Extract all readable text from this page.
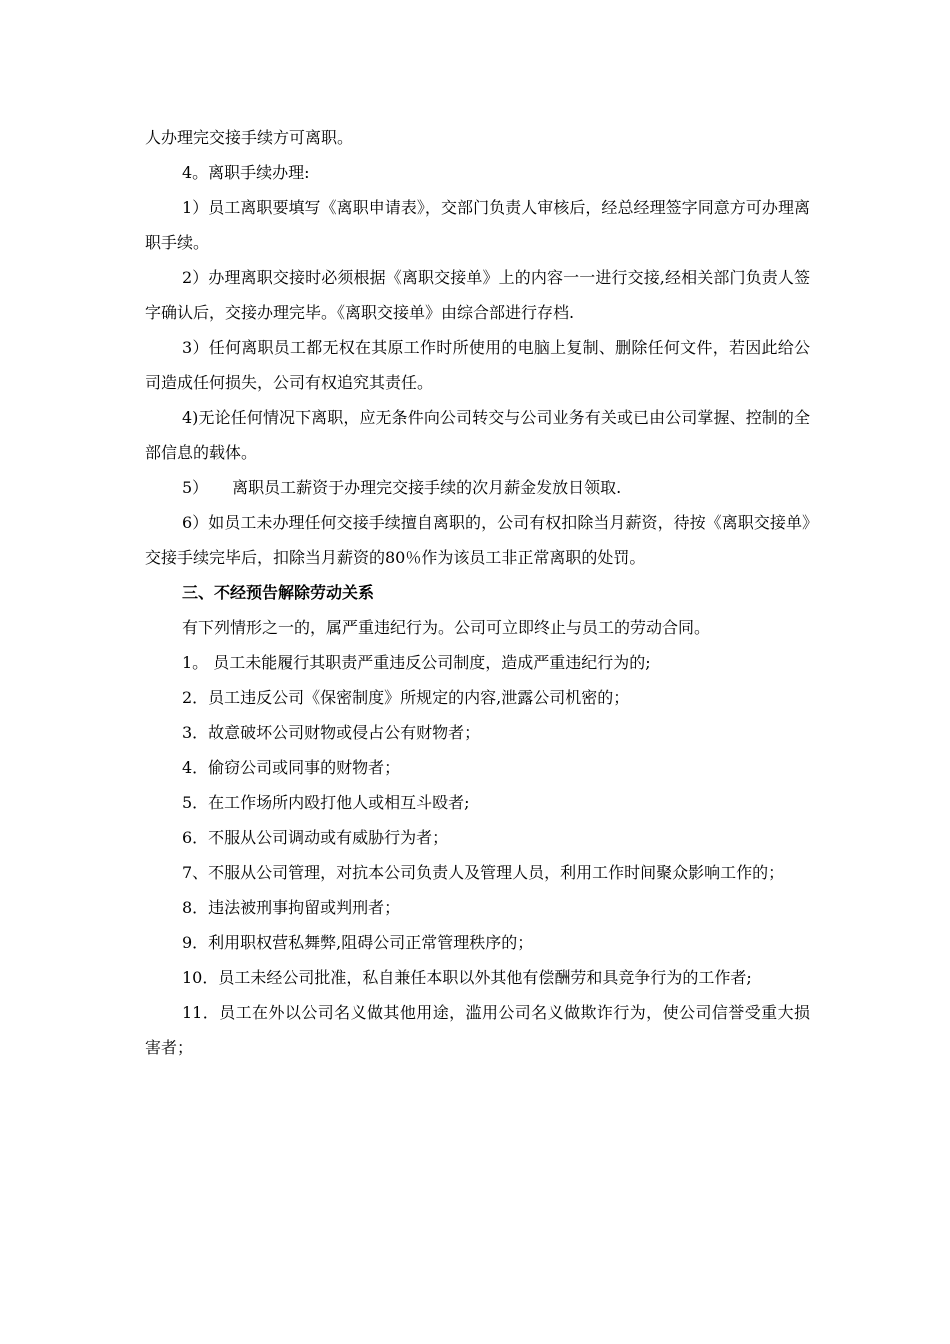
人办理完交接手续方可离职。

4。离职手续办理:

1）员工离职要填写《离职申请表》，交部门负责人审核后，经总经理签字同意方可办理离职手续。

2）办理离职交接时必须根据《离职交接单》上的内容一一进行交接,经相关部门负责人签字确认后，交接办理完毕。《离职交接单》由综合部进行存档.

3）任何离职员工都无权在其原工作时所使用的电脑上复制、删除任何文件，若因此给公司造成任何损失，公司有权追究其责任。

4)无论任何情况下离职，应无条件向公司转交与公司业务有关或已由公司掌握、控制的全部信息的载体。

5）　　离职员工薪资于办理完交接手续的次月薪金发放日领取.

6）如员工未办理任何交接手续擅自离职的，公司有权扣除当月薪资，待按《离职交接单》交接手续完毕后，扣除当月薪资的80％作为该员工非正常离职的处罚。

三、不经预告解除劳动关系

有下列情形之一的，属严重违纪行为。公司可立即终止与员工的劳动合同。

1。 员工未能履行其职责严重违反公司制度，造成严重违纪行为的;

2．员工违反公司《保密制度》所规定的内容,泄露公司机密的；

3．故意破坏公司财物或侵占公有财物者；

4．偷窃公司或同事的财物者；

5．在工作场所内殴打他人或相互斗殴者;

6．不服从公司调动或有威胁行为者；

7、不服从公司管理，对抗本公司负责人及管理人员，利用工作时间聚众影响工作的；

8．违法被刑事拘留或判刑者；

9．利用职权营私舞弊,阻碍公司正常管理秩序的；

10．员工未经公司批准，私自兼任本职以外其他有偿酬劳和具竞争行为的工作者;

11．员工在外以公司名义做其他用途，滥用公司名义做欺诈行为，使公司信誉受重大损害者；
